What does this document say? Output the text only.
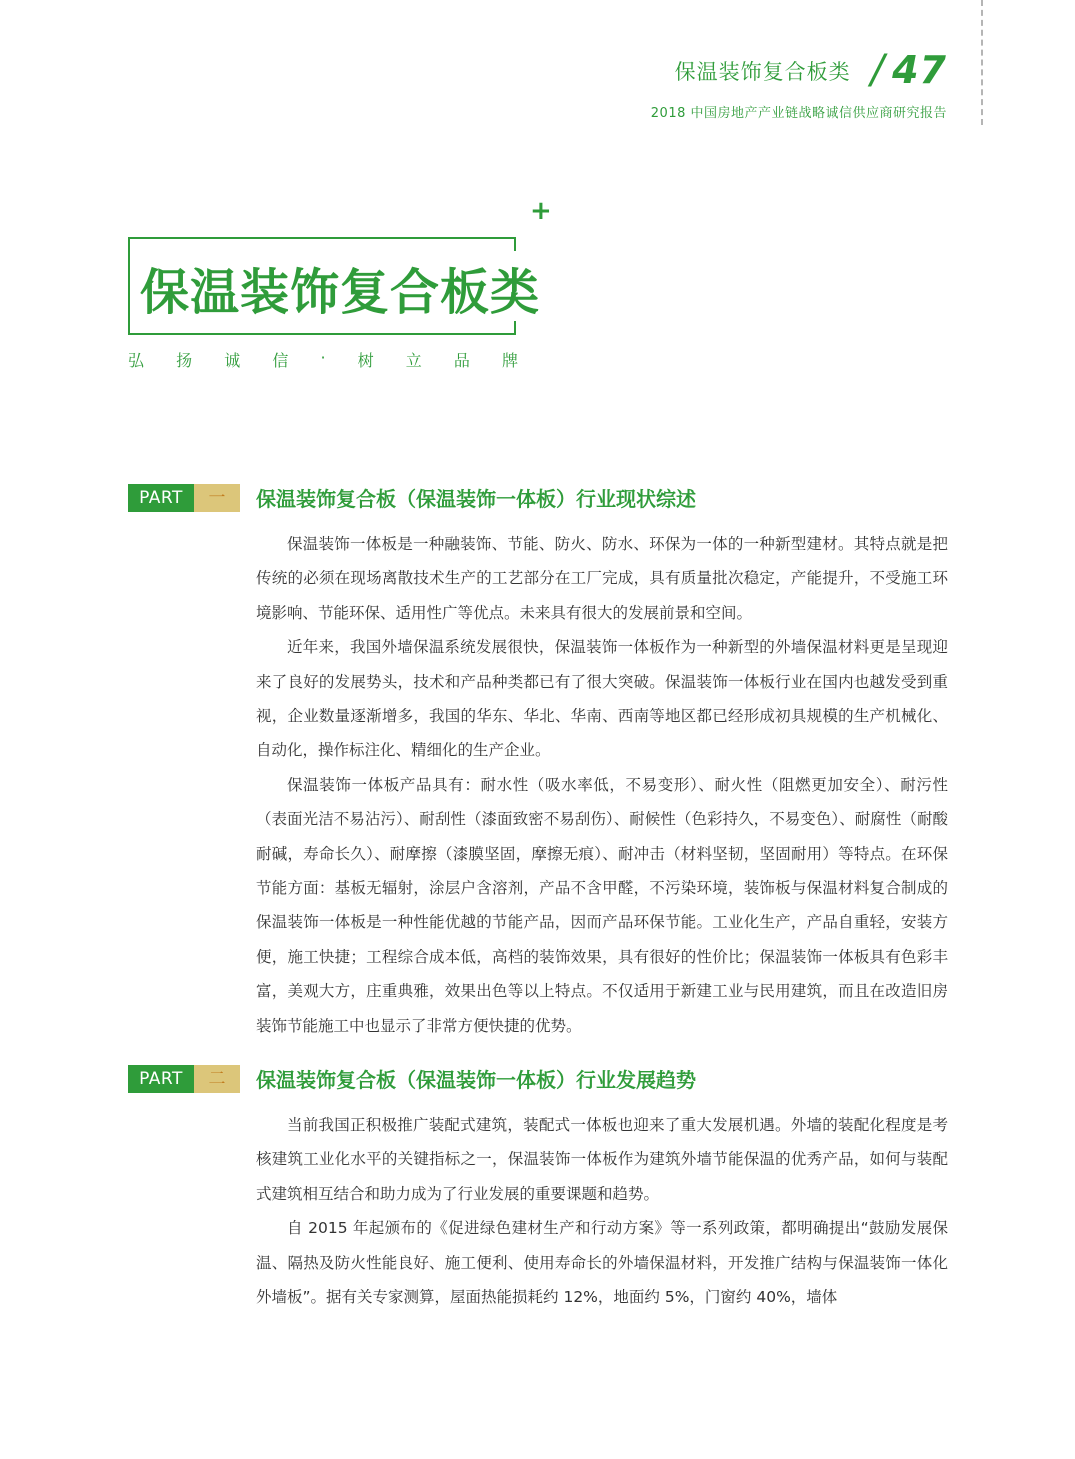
保温装饰复合板类 / 47
2018 中国房地产产业链战略诚信供应商研究报告
+
保温装饰复合板类
弘 扬 诚 信 · 树 立 品 牌
PART	一	保温装饰复合板（保温装饰一体板）行业现状综述

保温装饰一体板是一种融装饰、节能、防火、防水、环保为一体的一种新型建材。其特点就是把传统的必须在现场离散技术生产的工艺部分在工厂完成，具有质量批次稳定，产能提升，不受施工环境影响、节能环保、适用性广等优点。未来具有很大的发展前景和空间。

近年来，我国外墙保温系统发展很快，保温装饰一体板作为一种新型的外墙保温材料更是呈现迎来了良好的发展势头，技术和产品种类都已有了很大突破。保温装饰一体板行业在国内也越发受到重视，企业数量逐渐增多，我国的华东、华北、华南、西南等地区都已经形成初具规模的生产机械化、自动化，操作标注化、精细化的生产企业。

保温装饰一体板产品具有：耐水性（吸水率低，不易变形）、耐火性（阻燃更加安全）、耐污性（表面光洁不易沾污）、耐刮性（漆面致密不易刮伤）、耐候性（色彩持久，不易变色）、耐腐性（耐酸耐碱，寿命长久）、耐摩擦（漆膜坚固，摩擦无痕）、耐冲击（材料坚韧，坚固耐用）等特点。在环保节能方面：基板无辐射，涂层户含溶剂，产品不含甲醛，不污染环境，装饰板与保温材料复合制成的保温装饰一体板是一种性能优越的节能产品，因而产品环保节能。工业化生产，产品自重轻，安装方便，施工快捷；工程综合成本低，高档的装饰效果，具有很好的性价比；保温装饰一体板具有色彩丰富，美观大方，庄重典雅，效果出色等以上特点。不仅适用于新建工业与民用建筑，而且在改造旧房装饰节能施工中也显示了非常方便快捷的优势。

PART	二	保温装饰复合板（保温装饰一体板）行业发展趋势

当前我国正积极推广装配式建筑，装配式一体板也迎来了重大发展机遇。外墙的装配化程度是考核建筑工业化水平的关键指标之一，保温装饰一体板作为建筑外墙节能保温的优秀产品，如何与装配式建筑相互结合和助力成为了行业发展的重要课题和趋势。

自 2015 年起颁布的《促进绿色建材生产和行动方案》等一系列政策，都明确提出“鼓励发展保温、隔热及防火性能良好、施工便利、使用寿命长的外墙保温材料，开发推广结构与保温装饰一体化外墙板”。据有关专家测算，屋面热能损耗约 12%，地面约 5%，门窗约 40%，墙体
